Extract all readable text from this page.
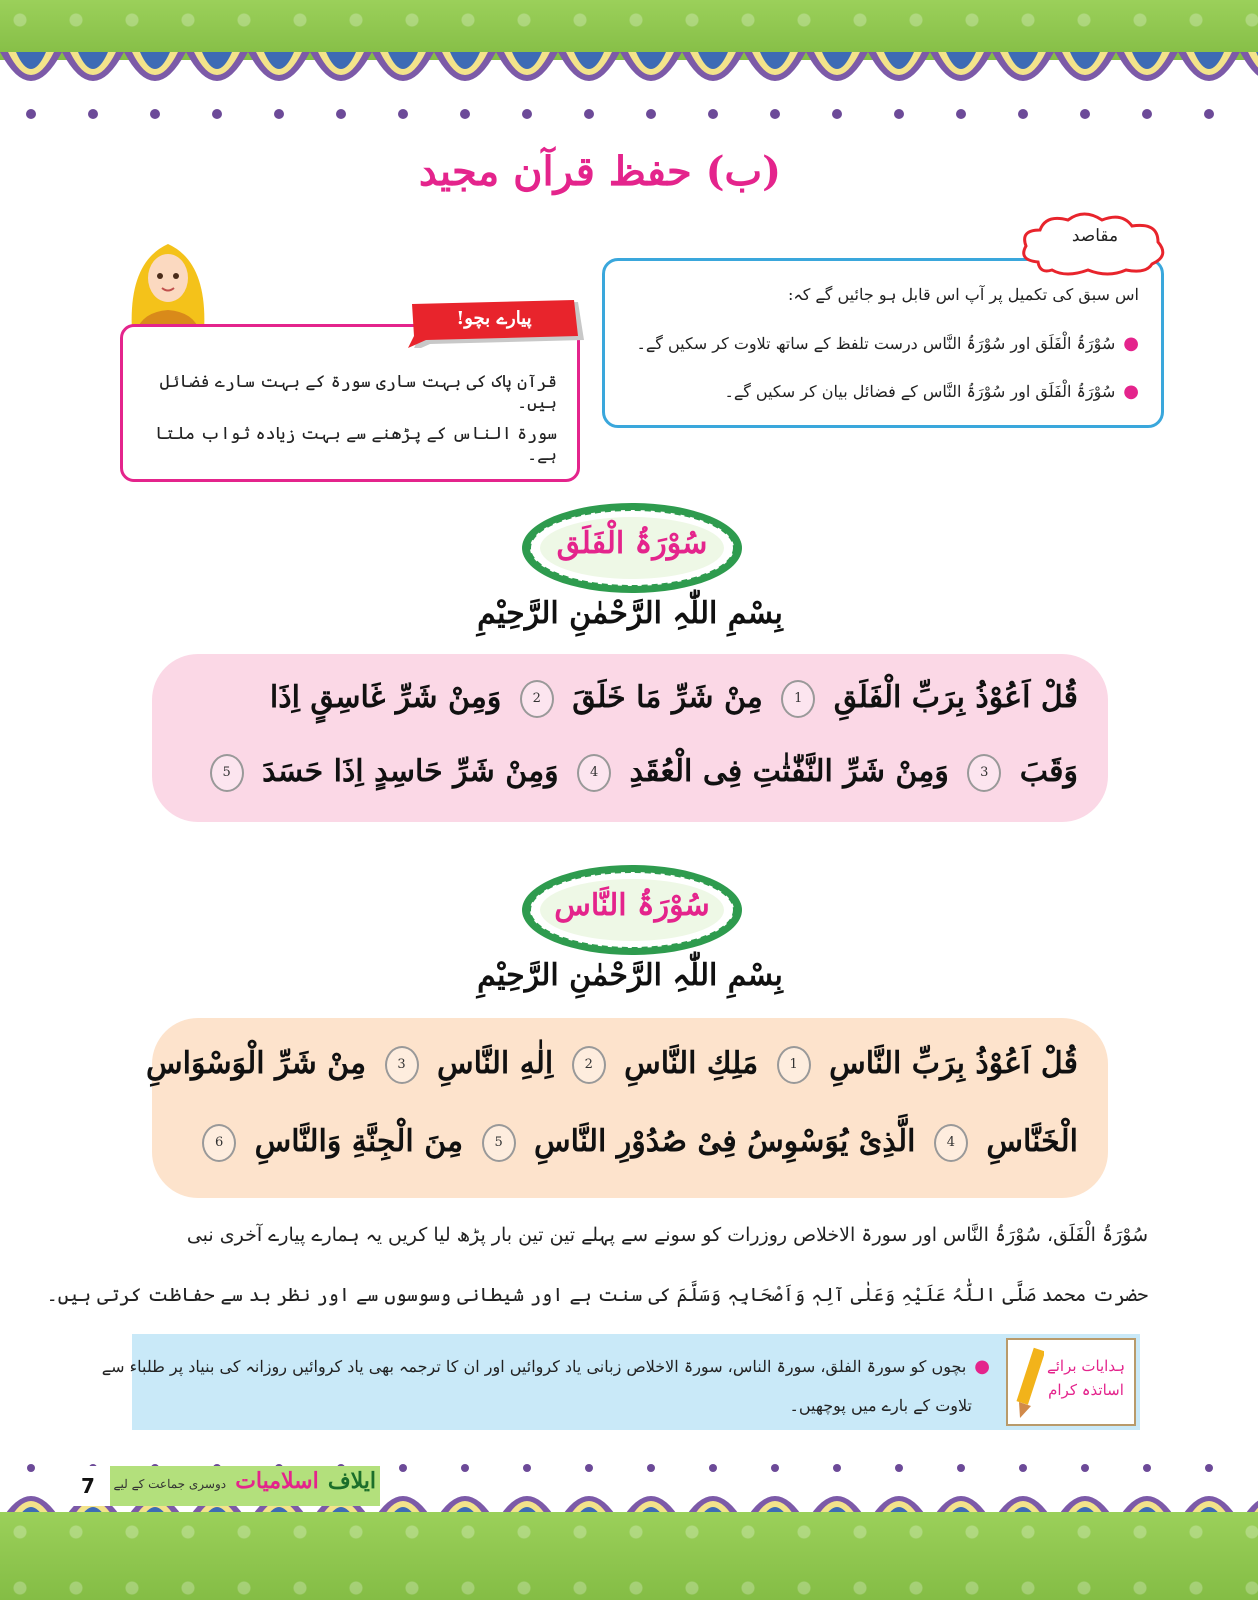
(ب) حفظ قرآن مجید
قرآن پاک کی بہت ساری سورۃ کے بہت سارے فضائل ہیں۔
سورۃ الناس کے پڑھنے سے بہت زیادہ ثواب ملتا ہے۔
پیارے بچو!
اس سبق کی تکمیل پر آپ اس قابل ہو جائیں گے کہ:
●سُوْرَۃُ الْفَلَق اور سُوْرَۃُ النَّاس درست تلفظ کے ساتھ تلاوت کر سکیں گے۔
●سُوْرَۃُ الْفَلَق اور سُوْرَۃُ النَّاس کے فضائل بیان کر سکیں گے۔
مقاصد
سُوْرَۃُ الْفَلَق
بِسْمِ اللّٰہِ الرَّحْمٰنِ الرَّحِیْمِ
قُلْ اَعُوْذُ بِرَبِّ الْفَلَقِ 1 مِنْ شَرِّ مَا خَلَقَ 2 وَمِنْ شَرِّ غَاسِقٍ اِذَا
وَقَبَ 3 وَمِنْ شَرِّ النَّفّٰثٰتِ فِی الْعُقَدِ 4 وَمِنْ شَرِّ حَاسِدٍ اِذَا حَسَدَ 5
سُوْرَۃُ النَّاس
بِسْمِ اللّٰہِ الرَّحْمٰنِ الرَّحِیْمِ
قُلْ اَعُوْذُ بِرَبِّ النَّاسِ 1 مَلِكِ النَّاسِ 2 اِلٰهِ النَّاسِ 3 مِنْ شَرِّ الْوَسْوَاسِ
الْخَنَّاسِ 4 الَّذِیْ یُوَسْوِسُ فِیْ صُدُوْرِ النَّاسِ 5 مِنَ الْجِنَّةِ وَالنَّاسِ 6
سُوْرَۃُ الْفَلَق، سُوْرَۃُ النَّاس اور سورۃ الاخلاص روزرات کو سونے سے پہلے تین تین بار پڑھ لیا کریں یہ ہمارے پیارے آخری نبی
حضرت محمد صَلَّی اللّٰہُ عَلَیْہِ وَعَلٰی آلِہٖ وَاَصْحَابِہٖ وَسَلَّمَ کی سنت ہے اور شیطانی وسوسوں سے اور نظر بد سے حفاظت کرتی ہیں۔
ہدایات برائے
اساتذہ کرام
●بچوں کو سورۃ الفلق، سورۃ الناس، سورۃ الاخلاص زبانی یاد کروائیں اور ان کا ترجمہ بھی یاد کروائیں روزانہ کی بنیاد پر طلباء سے
تلاوت کے بارے میں پوچھیں۔
7	ایلاف اسلامیات دوسری جماعت کے لیے
